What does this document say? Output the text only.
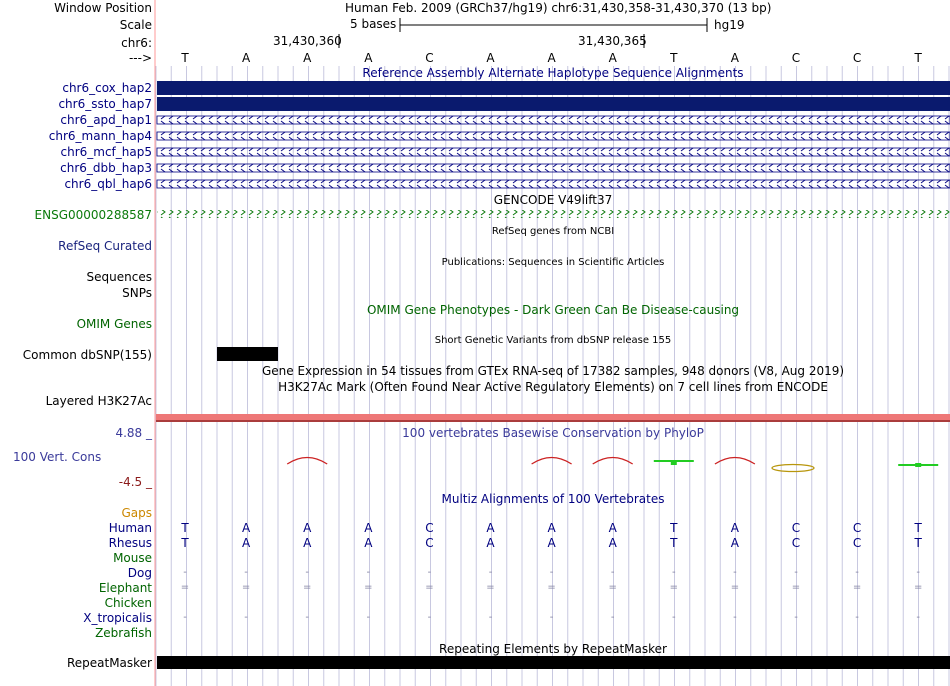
Window Position	Human Feb. 2009 (GRCh37/hg19) chr6:31,430,358-31,430,370 (13 bp)
Scale	5 bases	hg19
chr6:	31,430,360	31,430,365
--->	T	A	A	A	C	A	A	A	T	A	C	C	T
Reference Assembly Alternate Haplotype Sequence Alignments
chr6_cox_hap2
chr6_ssto_hap7
chr6_apd_hap1
chr6_mann_hap4
chr6_mcf_hap5
chr6_dbb_hap3
chr6_qbl_hap6
GENCODE V49lift37
ENSG00000288587
RefSeq genes from NCBI
RefSeq Curated
Publications: Sequences in Scientific Articles
Sequences
SNPs
OMIM Gene Phenotypes - Dark Green Can Be Disease-causing
OMIM Genes
Short Genetic Variants from dbSNP release 155
Common dbSNP(155)
Gene Expression in 54 tissues from GTEx RNA-seq of 17382 samples, 948 donors (V8, Aug 2019)
H3K27Ac Mark (Often Found Near Active Regulatory Elements) on 7 cell lines from ENCODE
Layered H3K27Ac
100 vertebrates Basewise Conservation by PhyloP
4.88 _
100 Vert. Cons
-4.5 _
Multiz Alignments of 100 Vertebrates
Gaps
Human	T	A	A	A	C	A	A	A	T	A	C	C	T
Rhesus	T	A	A	A	C	A	A	A	T	A	C	C	T
Mouse
Dog	-	-	-	-	-	-	-	-	-	-	-	-	-
Elephant	=	=	=	=	=	=	=	=	=	=	=	=	=
Chicken
X_tropicalis	-	-	-	-	-	-	-	-	-	-	-	-	-
Zebrafish
Repeating Elements by RepeatMasker
RepeatMasker
